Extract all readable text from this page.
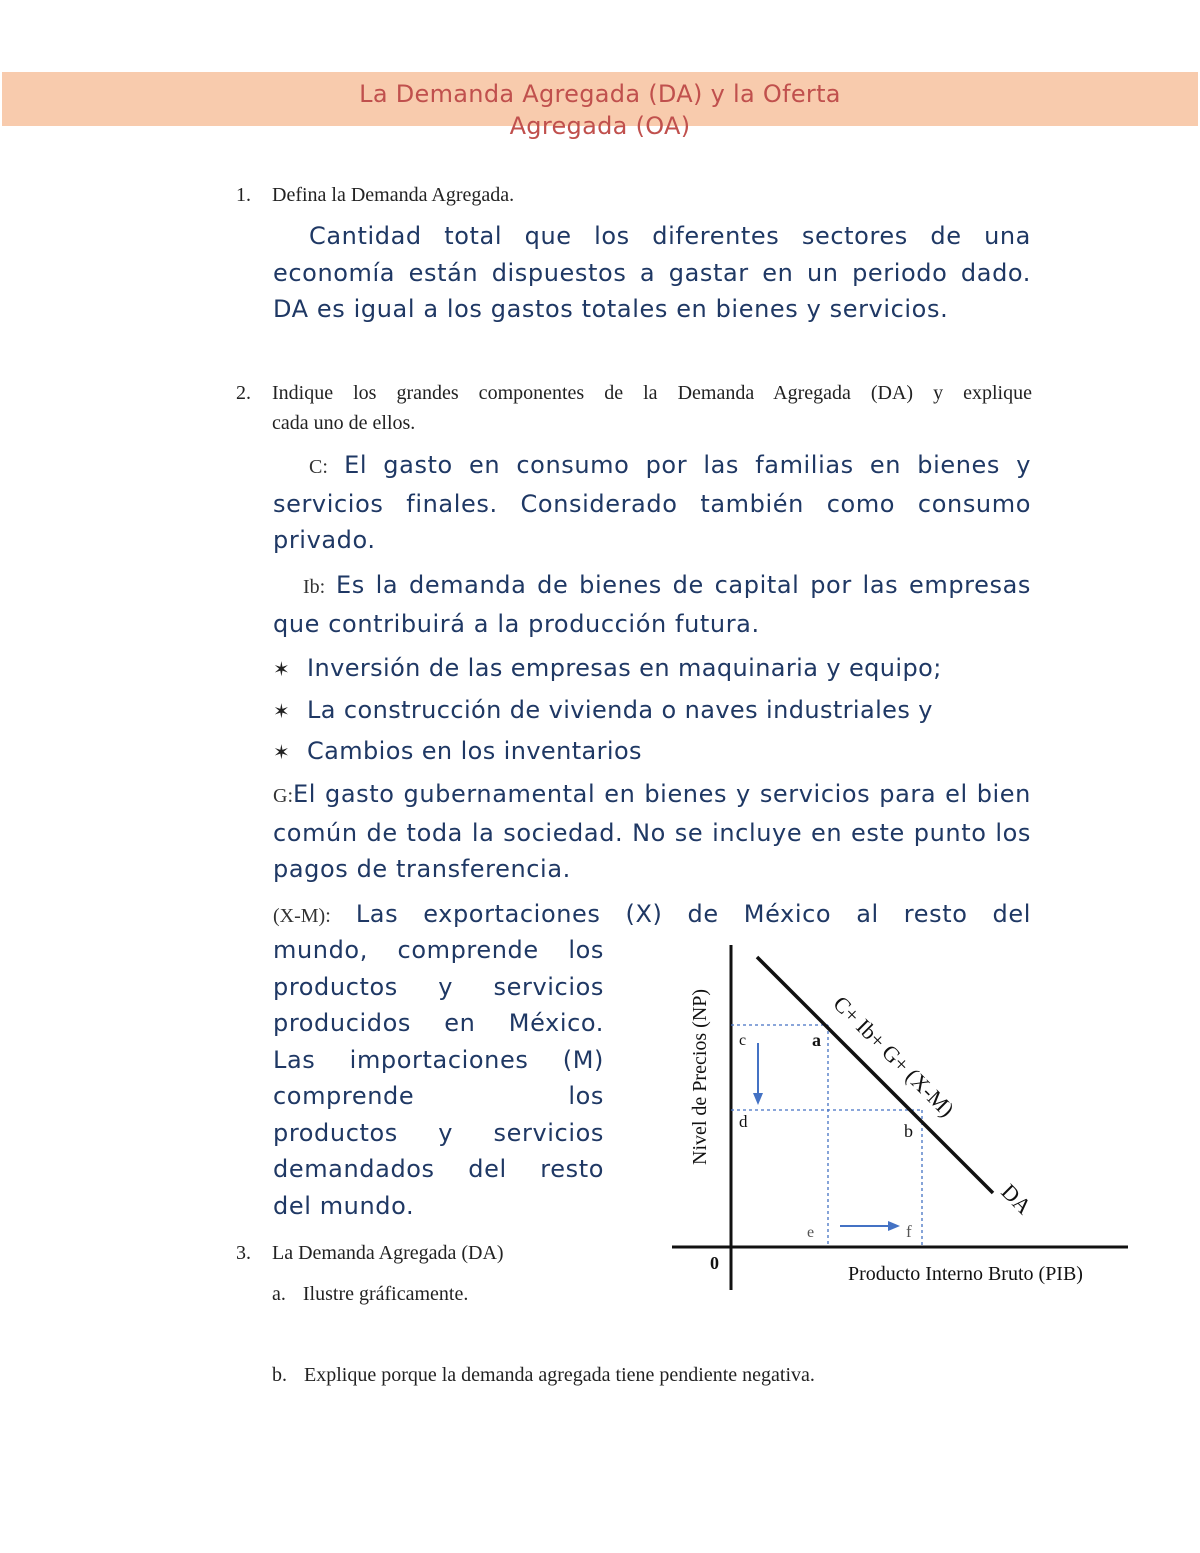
La Demanda Agregada (DA) y la Oferta
Agregada (OA)
1. Defina la Demanda Agregada.
Cantidad total que los diferentes sectores de una economía están dispuestos a gastar en un periodo dado. DA es igual a los gastos totales en bienes y servicios.
2. Indique los grandes componentes de la Demanda Agregada (DA) y explique
cada uno de ellos.
C: El gasto en consumo por las familias en bienes y servicios finales. Considerado también como consumo privado.
Ib: Es la demanda de bienes de capital por las empresas que contribuirá a la producción futura.
✶ Inversión de las empresas en maquinaria y equipo;
✶ La construcción de vivienda o naves industriales y
✶ Cambios en los inventarios
G:El gasto gubernamental en bienes y servicios para el bien común de toda la sociedad. No se incluye en este punto los pagos de transferencia.
(X-M): Las exportaciones (X) de México al resto del
mundo, comprende los
productos y servicios
producidos en México.
Las importaciones (M)
comprende los
productos y servicios
demandados del resto
del mundo.
3. La Demanda Agregada (DA)
a. Ilustre gráficamente.
b. Explique porque la demanda agregada tiene pendiente negativa.
Nivel de Precios (NP)
Producto Interno Bruto (PIB)
0
C+ Ib+ G+ (X-M)
DA
c	a
d	b
e	f
